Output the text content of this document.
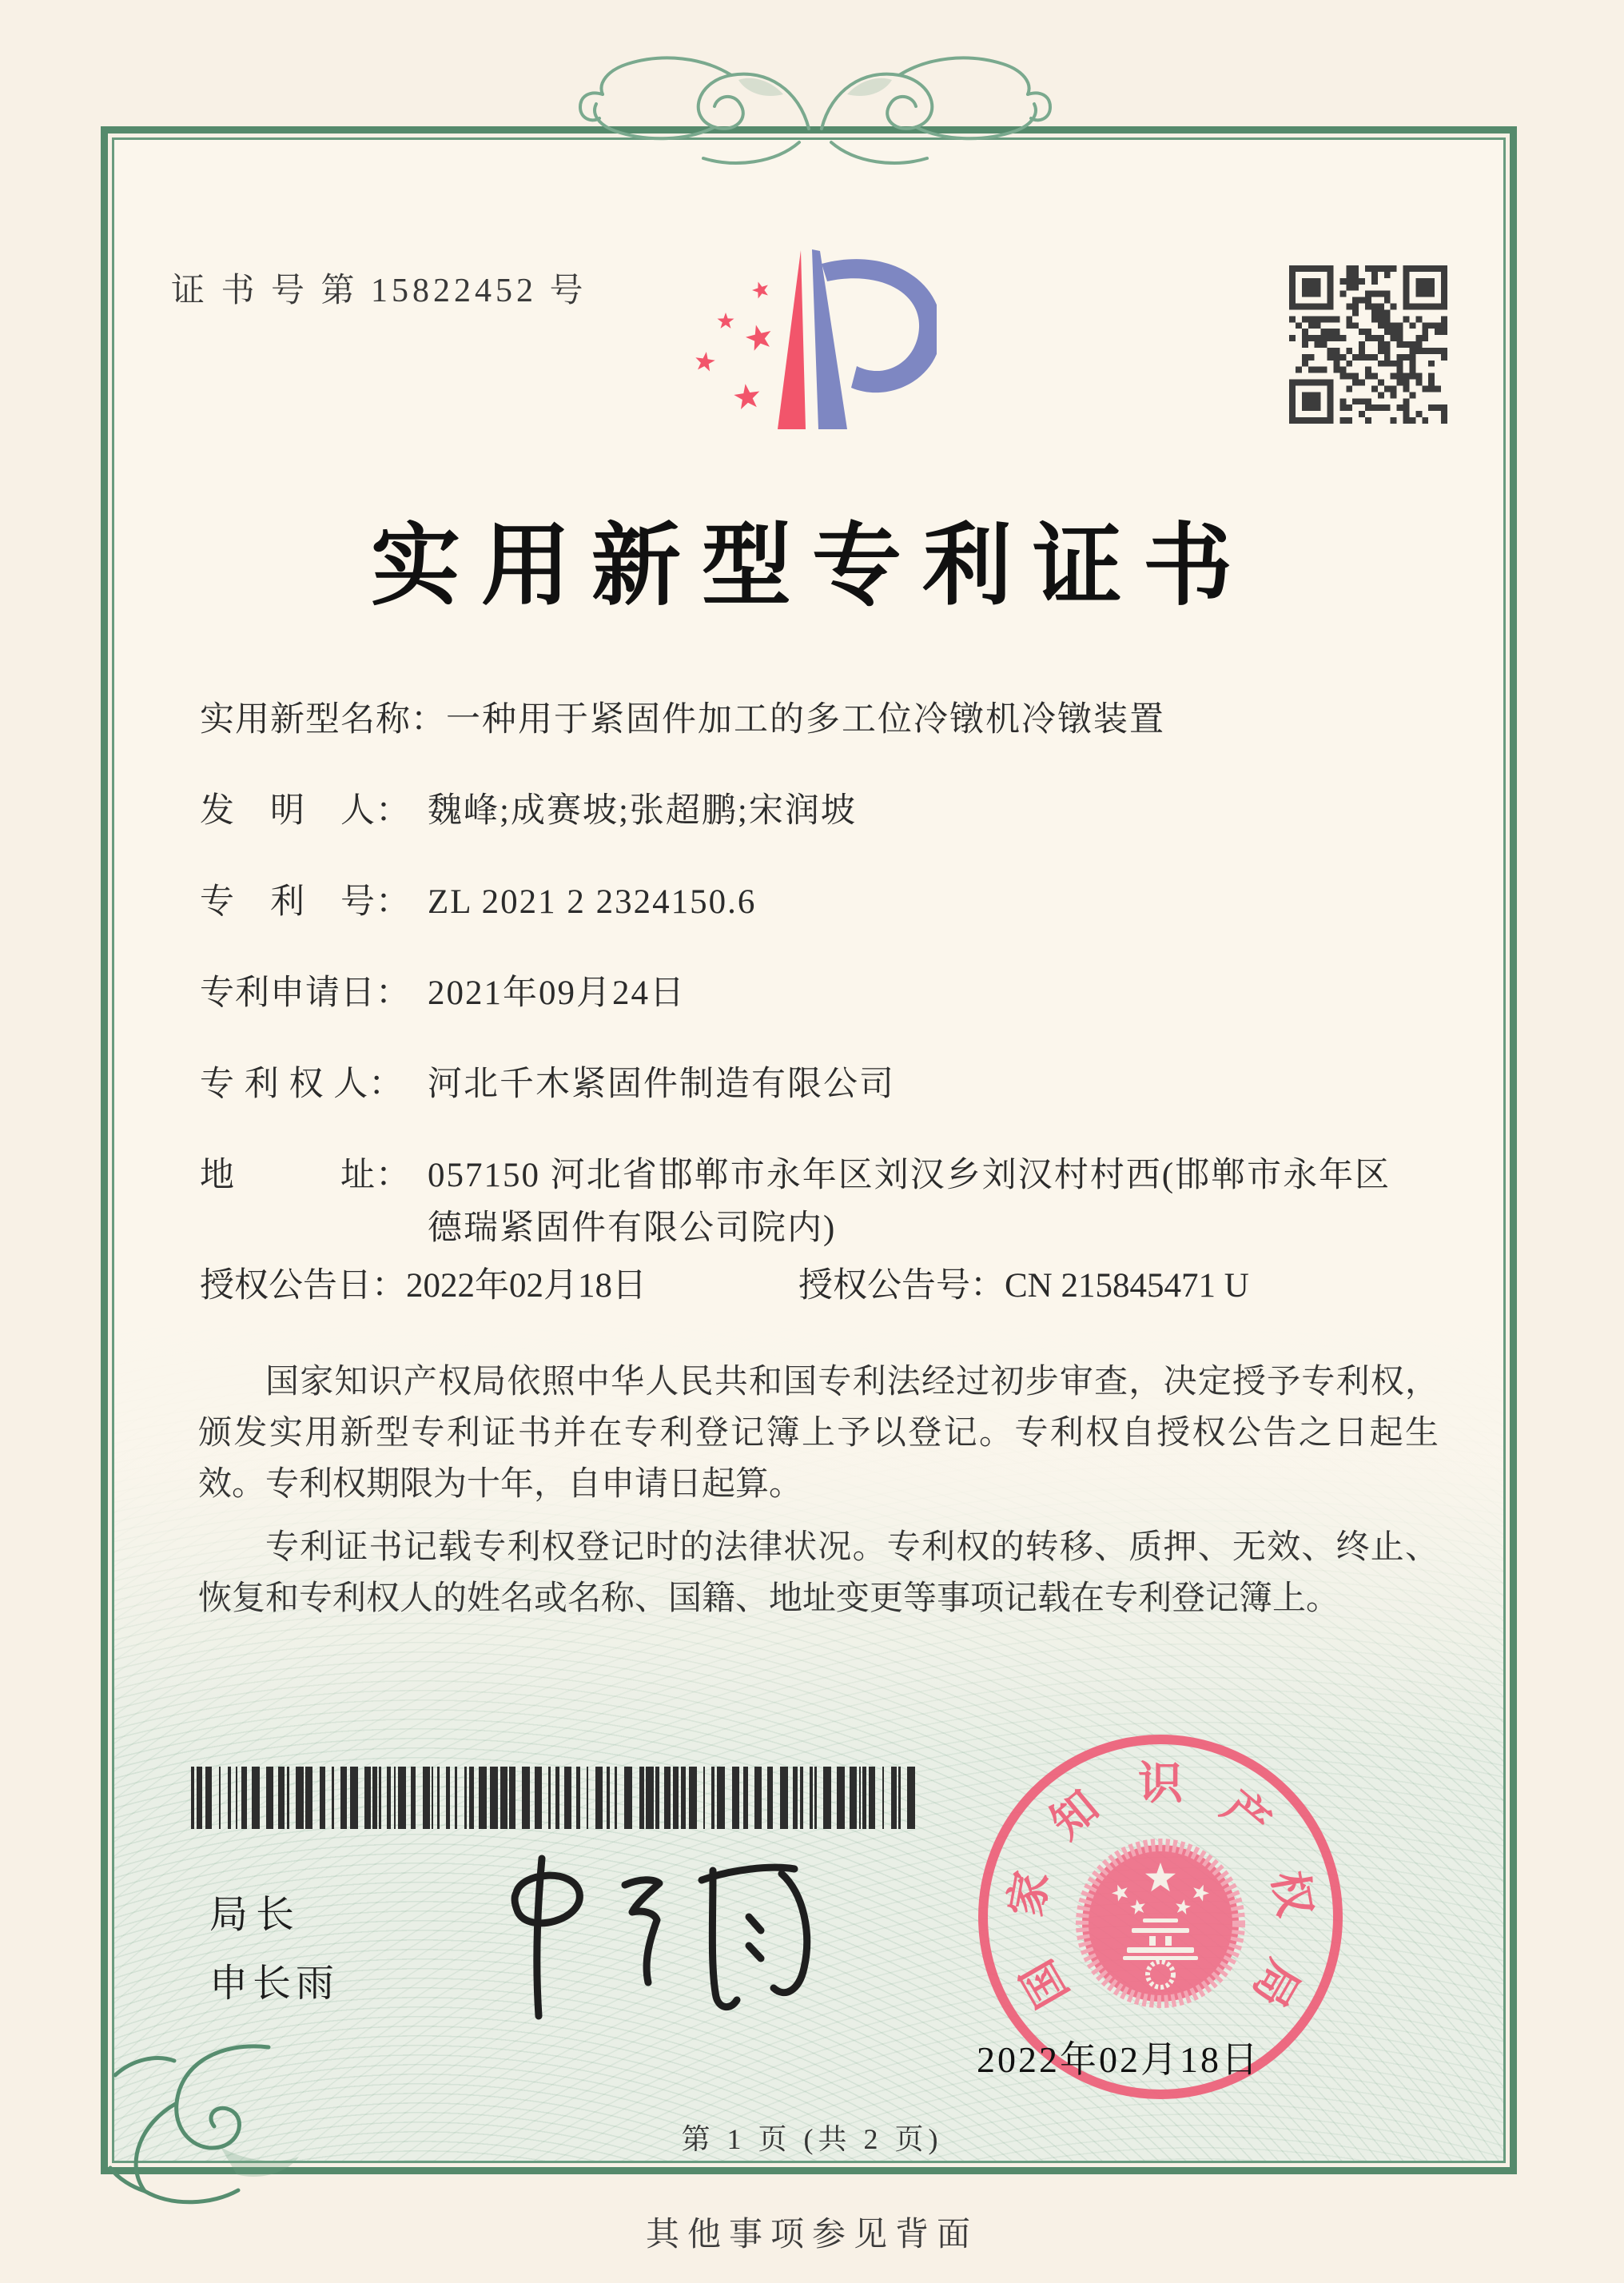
证 书 号 第 15822452 号
实用新型专利证书
实用新型名称： 一种用于紧固件加工的多工位冷镦机冷镦装置
发　明　人： 魏峰;成赛坡;张超鹏;宋润坡
专　利　号： ZL 2021 2 2324150.6
专利申请日： 2021年09月24日
专 利 权 人： 河北千木紧固件制造有限公司
地　　　址： 057150 河北省邯郸市永年区刘汉乡刘汉村村西(邯郸市永年区德瑞紧固件有限公司院内)
授权公告日： 2022年02月18日	授权公告号： CN 215845471 U

国家知识产权局依照中华人民共和国专利法经过初步审查，决定授予专利权，颁发实用新型专利证书并在专利登记簿上予以登记。专利权自授权公告之日起生效。专利权期限为十年，自申请日起算。

专利证书记载专利权登记时的法律状况。专利权的转移、质押、无效、终止、恢复和专利权人的姓名或名称、国籍、地址变更等事项记载在专利登记簿上。

局长
申长雨	国
家
知 识 产
权
局
2022年02月18日
第 1 页 (共 2 页)
其他事项参见背面
